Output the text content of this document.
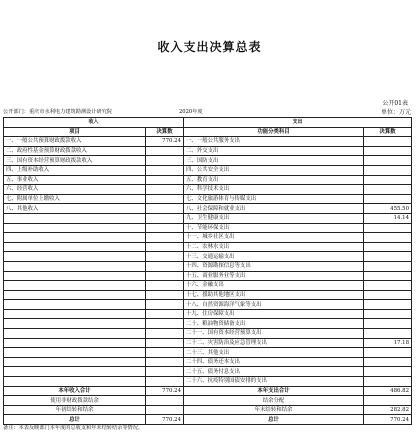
收入支出决算总表
公开01表
公开部门：重庆市水利电力建筑勘测设计研究院	2020年度	单位：万元
收入		支出	
项目	决算数	功能分类科目	决算数
一、一般公共预算财政拨款收入	770.24	一、一般公共服务支出	
二、政府性基金预算财政拨款收入		二、外交支出	
三、国有资本经营预算财政拨款收入		三、国防支出	
四、上级补助收入		四、公共安全支出	
五、事业收入		五、教育支出	
六、经营收入		六、科学技术支出	
七、附属单位上缴收入		七、文化旅游体育与传媒支出	
八、其他收入		八、社会保障和就业支出	455.50
		九、卫生健康支出	14.14
		十、节能环保支出	
		十一、城乡社区支出	
		十二、农林水支出	
		十三、交通运输支出	
		十四、资源勘探信息等支出	
		十五、商业服务业等支出	
		十六、金融支出	
		十七、援助其他地区支出	
		十八、自然资源海洋气象等支出	
		十九、住房保障支出	
		二十、粮油物资储备支出	
		二十一、国有资本经营预算支出	
		二十二、灾害防治及应急管理支出	17.18
		二十三、其他支出	
		二十四、债务还本支出	
		二十五、债务付息支出	
		二十六、抗疫特别国债安排的支出	
本年收入合计	770.24	本年支出合计	486.82
使用非财政拨款结余		结余分配	
年初结转和结余		年末结转和结余	282.82
总计	770.24	总计	770.24
备注：本表反映部门本年度的总收支和年末结转结余等情况。
